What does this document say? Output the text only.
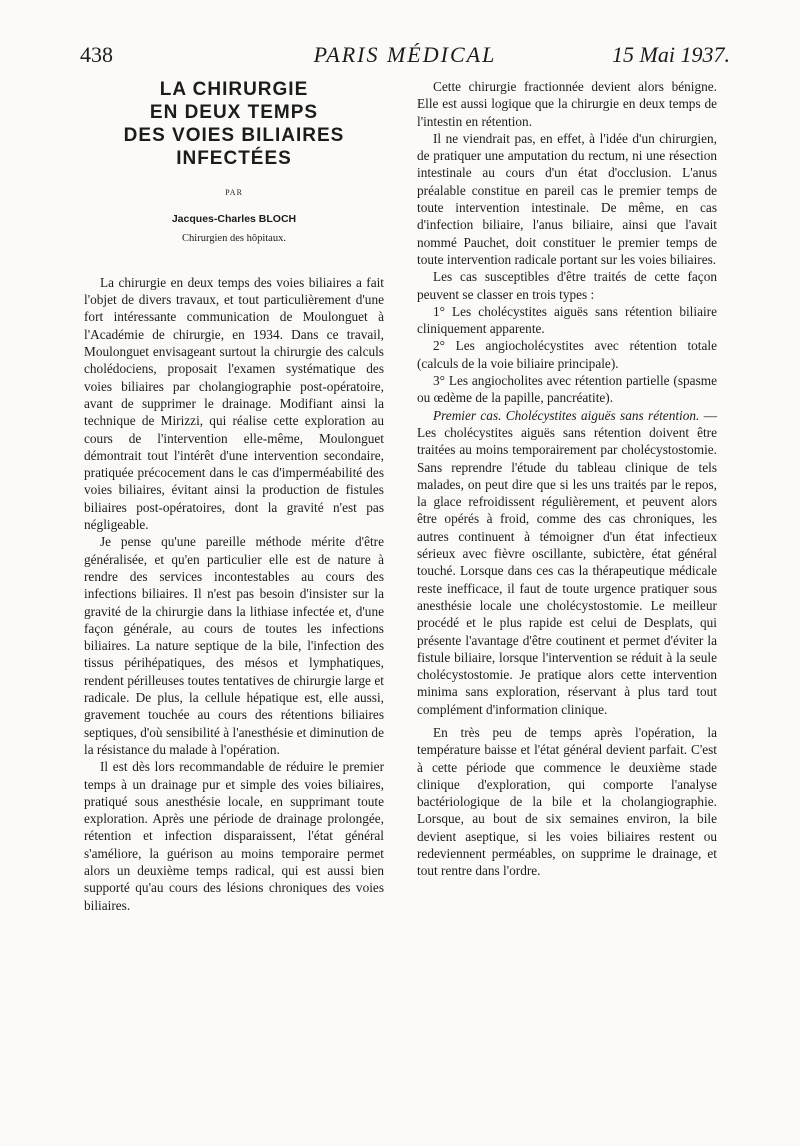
438	PARIS MÉDICAL	15 Mai 1937.
LA CHIRURGIE
EN DEUX TEMPS
DES VOIES BILIAIRES
INFECTÉES
PAR
Jacques-Charles BLOCH
Chirurgien des hôpitaux.

La chirurgie en deux temps des voies biliaires a fait l'objet de divers travaux, et tout particulièrement d'une fort intéressante communication de Moulonguet à l'Académie de chirurgie, en 1934. Dans ce travail, Moulonguet envisageant surtout la chirurgie des calculs cholédociens, proposait l'examen systématique des voies biliaires par cholangiographie post-opératoire, avant de supprimer le drainage. Modifiant ainsi la technique de Mirizzi, qui réalise cette exploration au cours de l'intervention elle-même, Moulonguet démontrait tout l'intérêt d'une intervention secondaire, pratiquée précocement dans le cas d'imperméabilité des voies biliaires, évitant ainsi la production de fistules biliaires post-opératoires, dont la gravité n'est pas négligeable.

Je pense qu'une pareille méthode mérite d'être généralisée, et qu'en particulier elle est de nature à rendre des services incontestables au cours des infections biliaires. Il n'est pas besoin d'insister sur la gravité de la chirurgie dans la lithiase infectée et, d'une façon générale, au cours de toutes les infections biliaires. La nature septique de la bile, l'infection des tissus périhépatiques, des mésos et lymphatiques, rendent périlleuses toutes tentatives de chirurgie large et radicale. De plus, la cellule hépatique est, elle aussi, gravement touchée au cours des rétentions biliaires septiques, d'où sensibilité à l'anesthésie et diminution de la résistance du malade à l'opération.

Il est dès lors recommandable de réduire le premier temps à un drainage pur et simple des voies biliaires, pratiqué sous anesthésie locale, en supprimant toute exploration. Après une période de drainage prolongée, rétention et infection disparaissent, l'état général s'améliore, la guérison au moins temporaire permet alors un deuxième temps radical, qui est aussi bien supporté qu'au cours des lésions chroniques des voies biliaires.

Cette chirurgie fractionnée devient alors bénigne. Elle est aussi logique que la chirurgie en deux temps de l'intestin en rétention.

Il ne viendrait pas, en effet, à l'idée d'un chirurgien, de pratiquer une amputation du rectum, ni une résection intestinale au cours d'un état d'occlusion. L'anus préalable constitue en pareil cas le premier temps de toute intervention intestinale. De même, en cas d'infection biliaire, l'anus biliaire, ainsi que l'avait nommé Pauchet, doit constituer le premier temps de toute intervention radicale portant sur les voies biliaires.

Les cas susceptibles d'être traités de cette façon peuvent se classer en trois types :

1° Les cholécystites aiguës sans rétention biliaire cliniquement apparente.

2° Les angiocholécystites avec rétention totale (calculs de la voie biliaire principale).

3° Les angiocholites avec rétention partielle (spasme ou œdème de la papille, pancréatite).

Premier cas. Cholécystites aiguës sans rétention. — Les cholécystites aiguës sans rétention doivent être traitées au moins temporairement par cholécystostomie. Sans reprendre l'étude du tableau clinique de tels malades, on peut dire que si les uns traités par le repos, la glace refroidissent régulièrement, et peuvent alors être opérés à froid, comme des cas chroniques, les autres continuent à témoigner d'un état infectieux sérieux avec fièvre oscillante, subictère, état général touché. Lorsque dans ces cas la thérapeutique médicale reste inefficace, il faut de toute urgence pratiquer sous anesthésie locale une cholécystostomie. Le meilleur procédé et le plus rapide est celui de Desplats, qui présente l'avantage d'être coutinent et permet d'éviter la fistule biliaire, lorsque l'intervention se réduit à la seule cholécystostomie. Je pratique alors cette intervention minima sans exploration, réservant à plus tard tout complément d'information clinique.

En très peu de temps après l'opération, la température baisse et l'état général devient parfait. C'est à cette période que commence le deuxième stade clinique d'exploration, qui comporte l'analyse bactériologique de la bile et la cholangiographie. Lorsque, au bout de six semaines environ, la bile devient aseptique, si les voies biliaires restent ou redeviennent perméables, on supprime le drainage, et tout rentre dans l'ordre.
